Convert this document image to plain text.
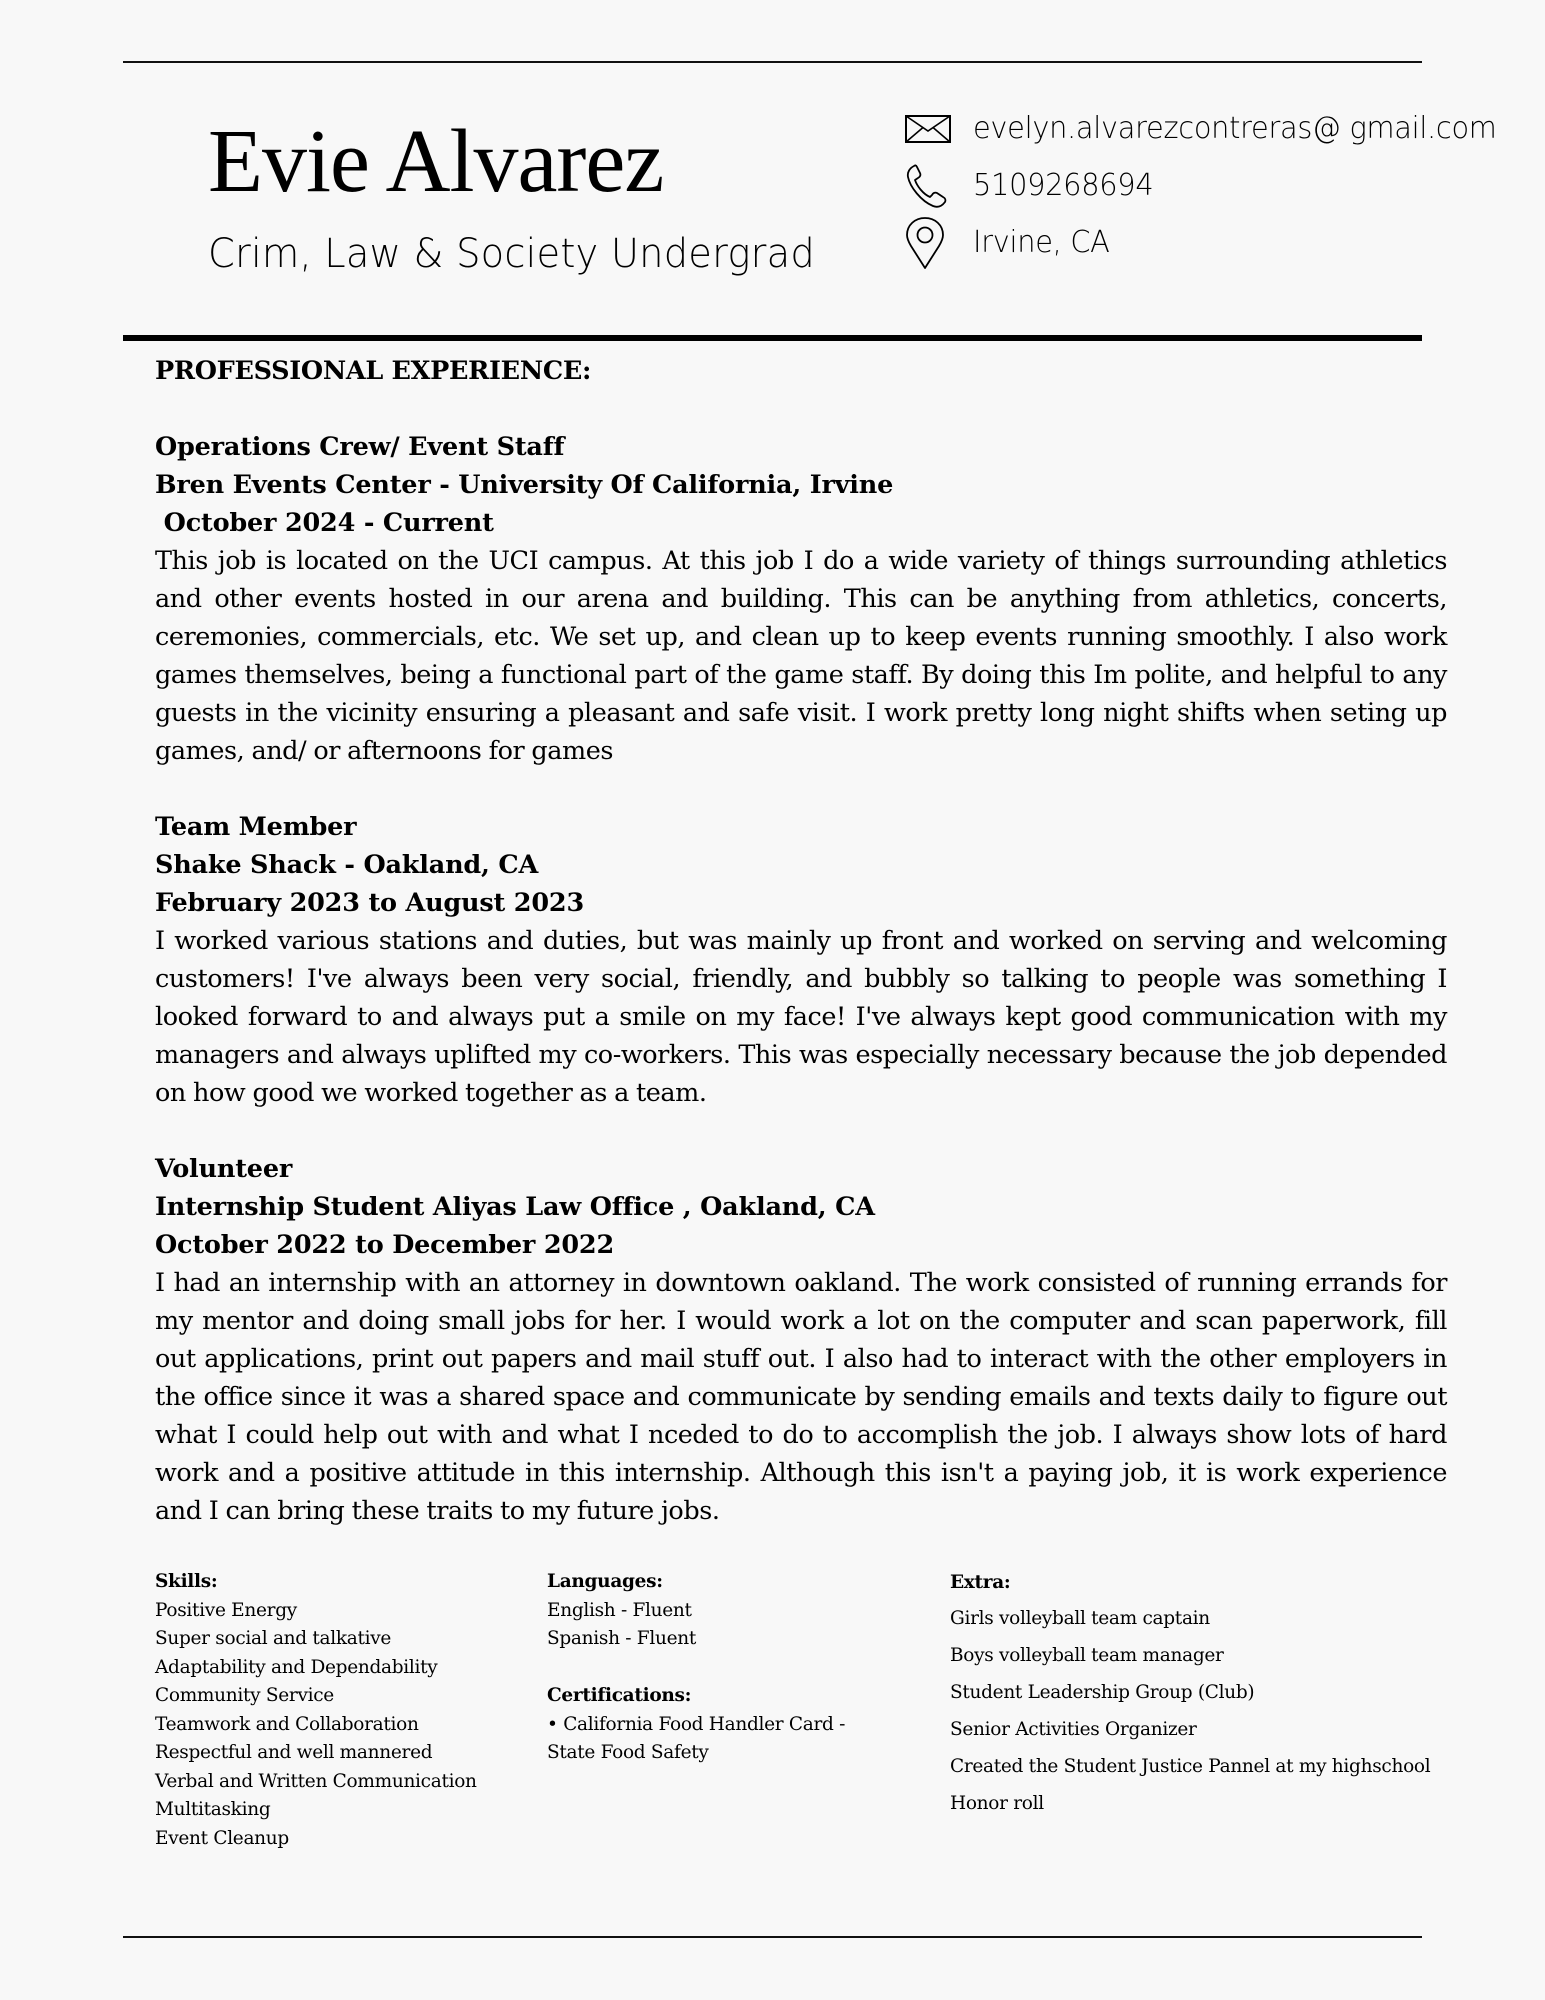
Evie Alvarez
Crim, Law & Society Undergrad
evelyn.alvarezcontreras@ gmail.com
5109268694
Irvine, CA
PROFESSIONAL EXPERIENCE:
Operations Crew/ Event Staff
Bren Events Center - University Of California, Irvine
October 2024 - Current
This job is located on the UCI campus. At this job I do a wide variety of things surrounding athletics and other events hosted in our arena and building. This can be anything from athletics, concerts, ceremonies, commercials, etc. We set up, and clean up to keep events running smoothly. I also work games themselves, being a functional part of the game staff. By doing this Im polite, and helpful to any guests in the vicinity ensuring a pleasant and safe visit. I work pretty long night shifts when seting up games, and/ or afternoons for games
Team Member
Shake Shack - Oakland, CA
February 2023 to August 2023
I worked various stations and duties, but was mainly up front and worked on serving and welcoming customers! I've always been very social, friendly, and bubbly so talking to people was something I looked forward to and always put a smile on my face! I've always kept good communication with my managers and always uplifted my co-workers. This was especially necessary because the job depended on how good we worked together as a team.
Volunteer
Internship Student Aliyas Law Office , Oakland, CA
October 2022 to December 2022
I had an internship with an attorney in downtown oakland. The work consisted of running errands for my mentor and doing small jobs for her. I would work a lot on the computer and scan paperwork, fill out applications, print out papers and mail stuff out. I also had to interact with the other employers in the office since it was a shared space and communicate by sending emails and texts daily to figure out what I could help out with and what I nceded to do to accomplish the job. I always show lots of hard work and a positive attitude in this internship. Although this isn't a paying job, it is work experience and I can bring these traits to my future jobs.
Skills:
Positive Energy
Super social and talkative
Adaptability and Dependability
Community Service
Teamwork and Collaboration
Respectful and well mannered
Verbal and Written Communication
Multitasking
Event Cleanup
Languages:
English - Fluent
Spanish - Fluent
Certifications:
• California Food Handler Card -
State Food Safety
Extra:
Girls volleyball team captain
Boys volleyball team manager
Student Leadership Group (Club)
Senior Activities Organizer
Created the Student Justice Pannel at my highschool
Honor roll
